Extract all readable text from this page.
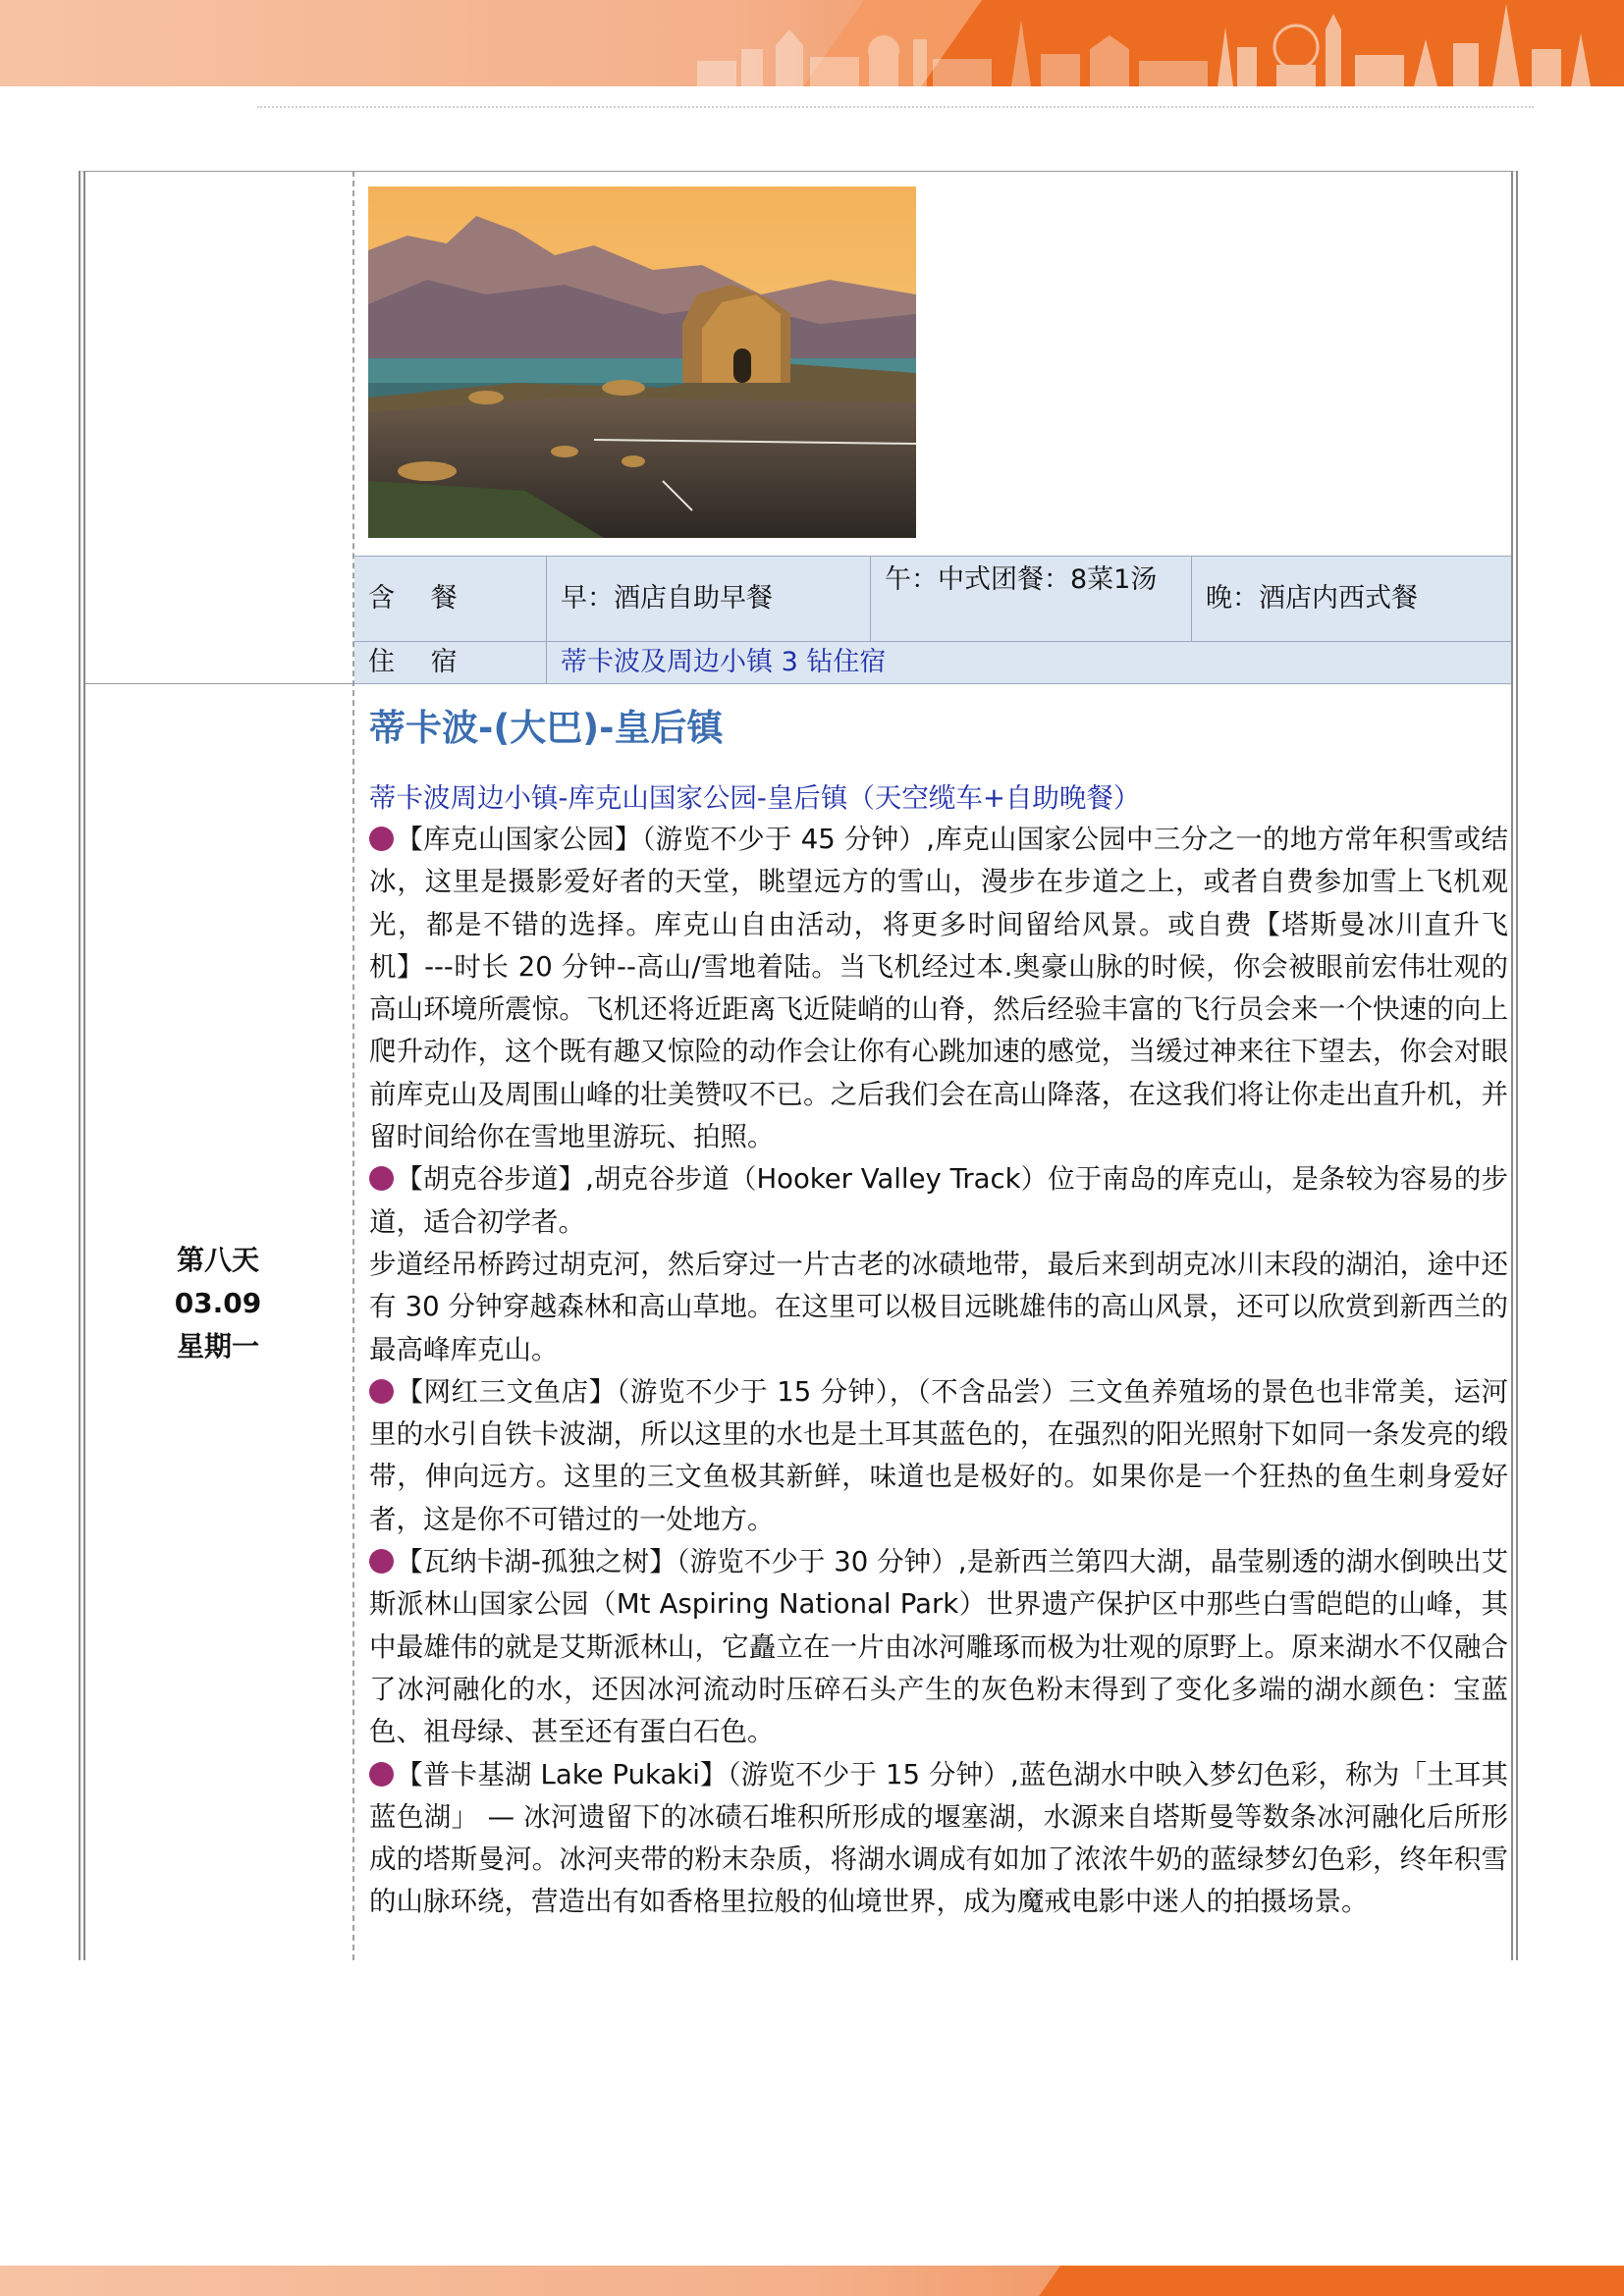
含 餐	早：酒店自助早餐
午：中式团餐：8菜1汤
晚：酒店内西式餐
住 宿	蒂卡波及周边小镇 3 钻住宿
第八天
03.09
星期一
蒂卡波-(大巴)-皇后镇
蒂卡波周边小镇-库克山国家公园-皇后镇（天空缆车+自助晚餐）
【库克山国家公园】（游览不少于 45 分钟）,库克山国家公园中三分之一的地方常年积雪或结冰，这里是摄影爱好者的天堂，眺望远方的雪山，漫步在步道之上，或者自费参加雪上飞机观光，都是不错的选择。库克山自由活动，将更多时间留给风景。或自费【塔斯曼冰川直升飞机】---时长 20 分钟--高山/雪地着陆。当飞机经过本.奥豪山脉的时候，你会被眼前宏伟壮观的高山环境所震惊。飞机还将近距离飞近陡峭的山脊，然后经验丰富的飞行员会来一个快速的向上爬升动作，这个既有趣又惊险的动作会让你有心跳加速的感觉，当缓过神来往下望去，你会对眼前库克山及周围山峰的壮美赞叹不已。之后我们会在高山降落，在这我们将让你走出直升机，并留时间给你在雪地里游玩、拍照。
【胡克谷步道】,胡克谷步道（Hooker Valley Track）位于南岛的库克山，是条较为容易的步道，适合初学者。
步道经吊桥跨过胡克河，然后穿过一片古老的冰碛地带，最后来到胡克冰川末段的湖泊，途中还有 30 分钟穿越森林和高山草地。在这里可以极目远眺雄伟的高山风景，还可以欣赏到新西兰的最高峰库克山。
【网红三文鱼店】（游览不少于 15 分钟），（不含品尝）三文鱼养殖场的景色也非常美，运河里的水引自铁卡波湖，所以这里的水也是土耳其蓝色的，在强烈的阳光照射下如同一条发亮的缎带，伸向远方。这里的三文鱼极其新鲜，味道也是极好的。如果你是一个狂热的鱼生刺身爱好者，这是你不可错过的一处地方。
【瓦纳卡湖-孤独之树】（游览不少于 30 分钟）,是新西兰第四大湖，晶莹剔透的湖水倒映出艾斯派林山国家公园（Mt Aspiring National Park）世界遗产保护区中那些白雪皑皑的山峰，其中最雄伟的就是艾斯派林山，它矗立在一片由冰河雕琢而极为壮观的原野上。原来湖水不仅融合了冰河融化的水，还因冰河流动时压碎石头产生的灰色粉末得到了变化多端的湖水颜色：宝蓝色、祖母绿、甚至还有蛋白石色。
【普卡基湖 Lake Pukaki】（游览不少于 15 分钟）,蓝色湖水中映入梦幻色彩，称为「土耳其蓝色湖」 — 冰河遗留下的冰碛石堆积所形成的堰塞湖，水源来自塔斯曼等数条冰河融化后所形成的塔斯曼河。冰河夹带的粉末杂质，将湖水调成有如加了浓浓牛奶的蓝绿梦幻色彩，终年积雪的山脉环绕，营造出有如香格里拉般的仙境世界，成为魔戒电影中迷人的拍摄场景。
